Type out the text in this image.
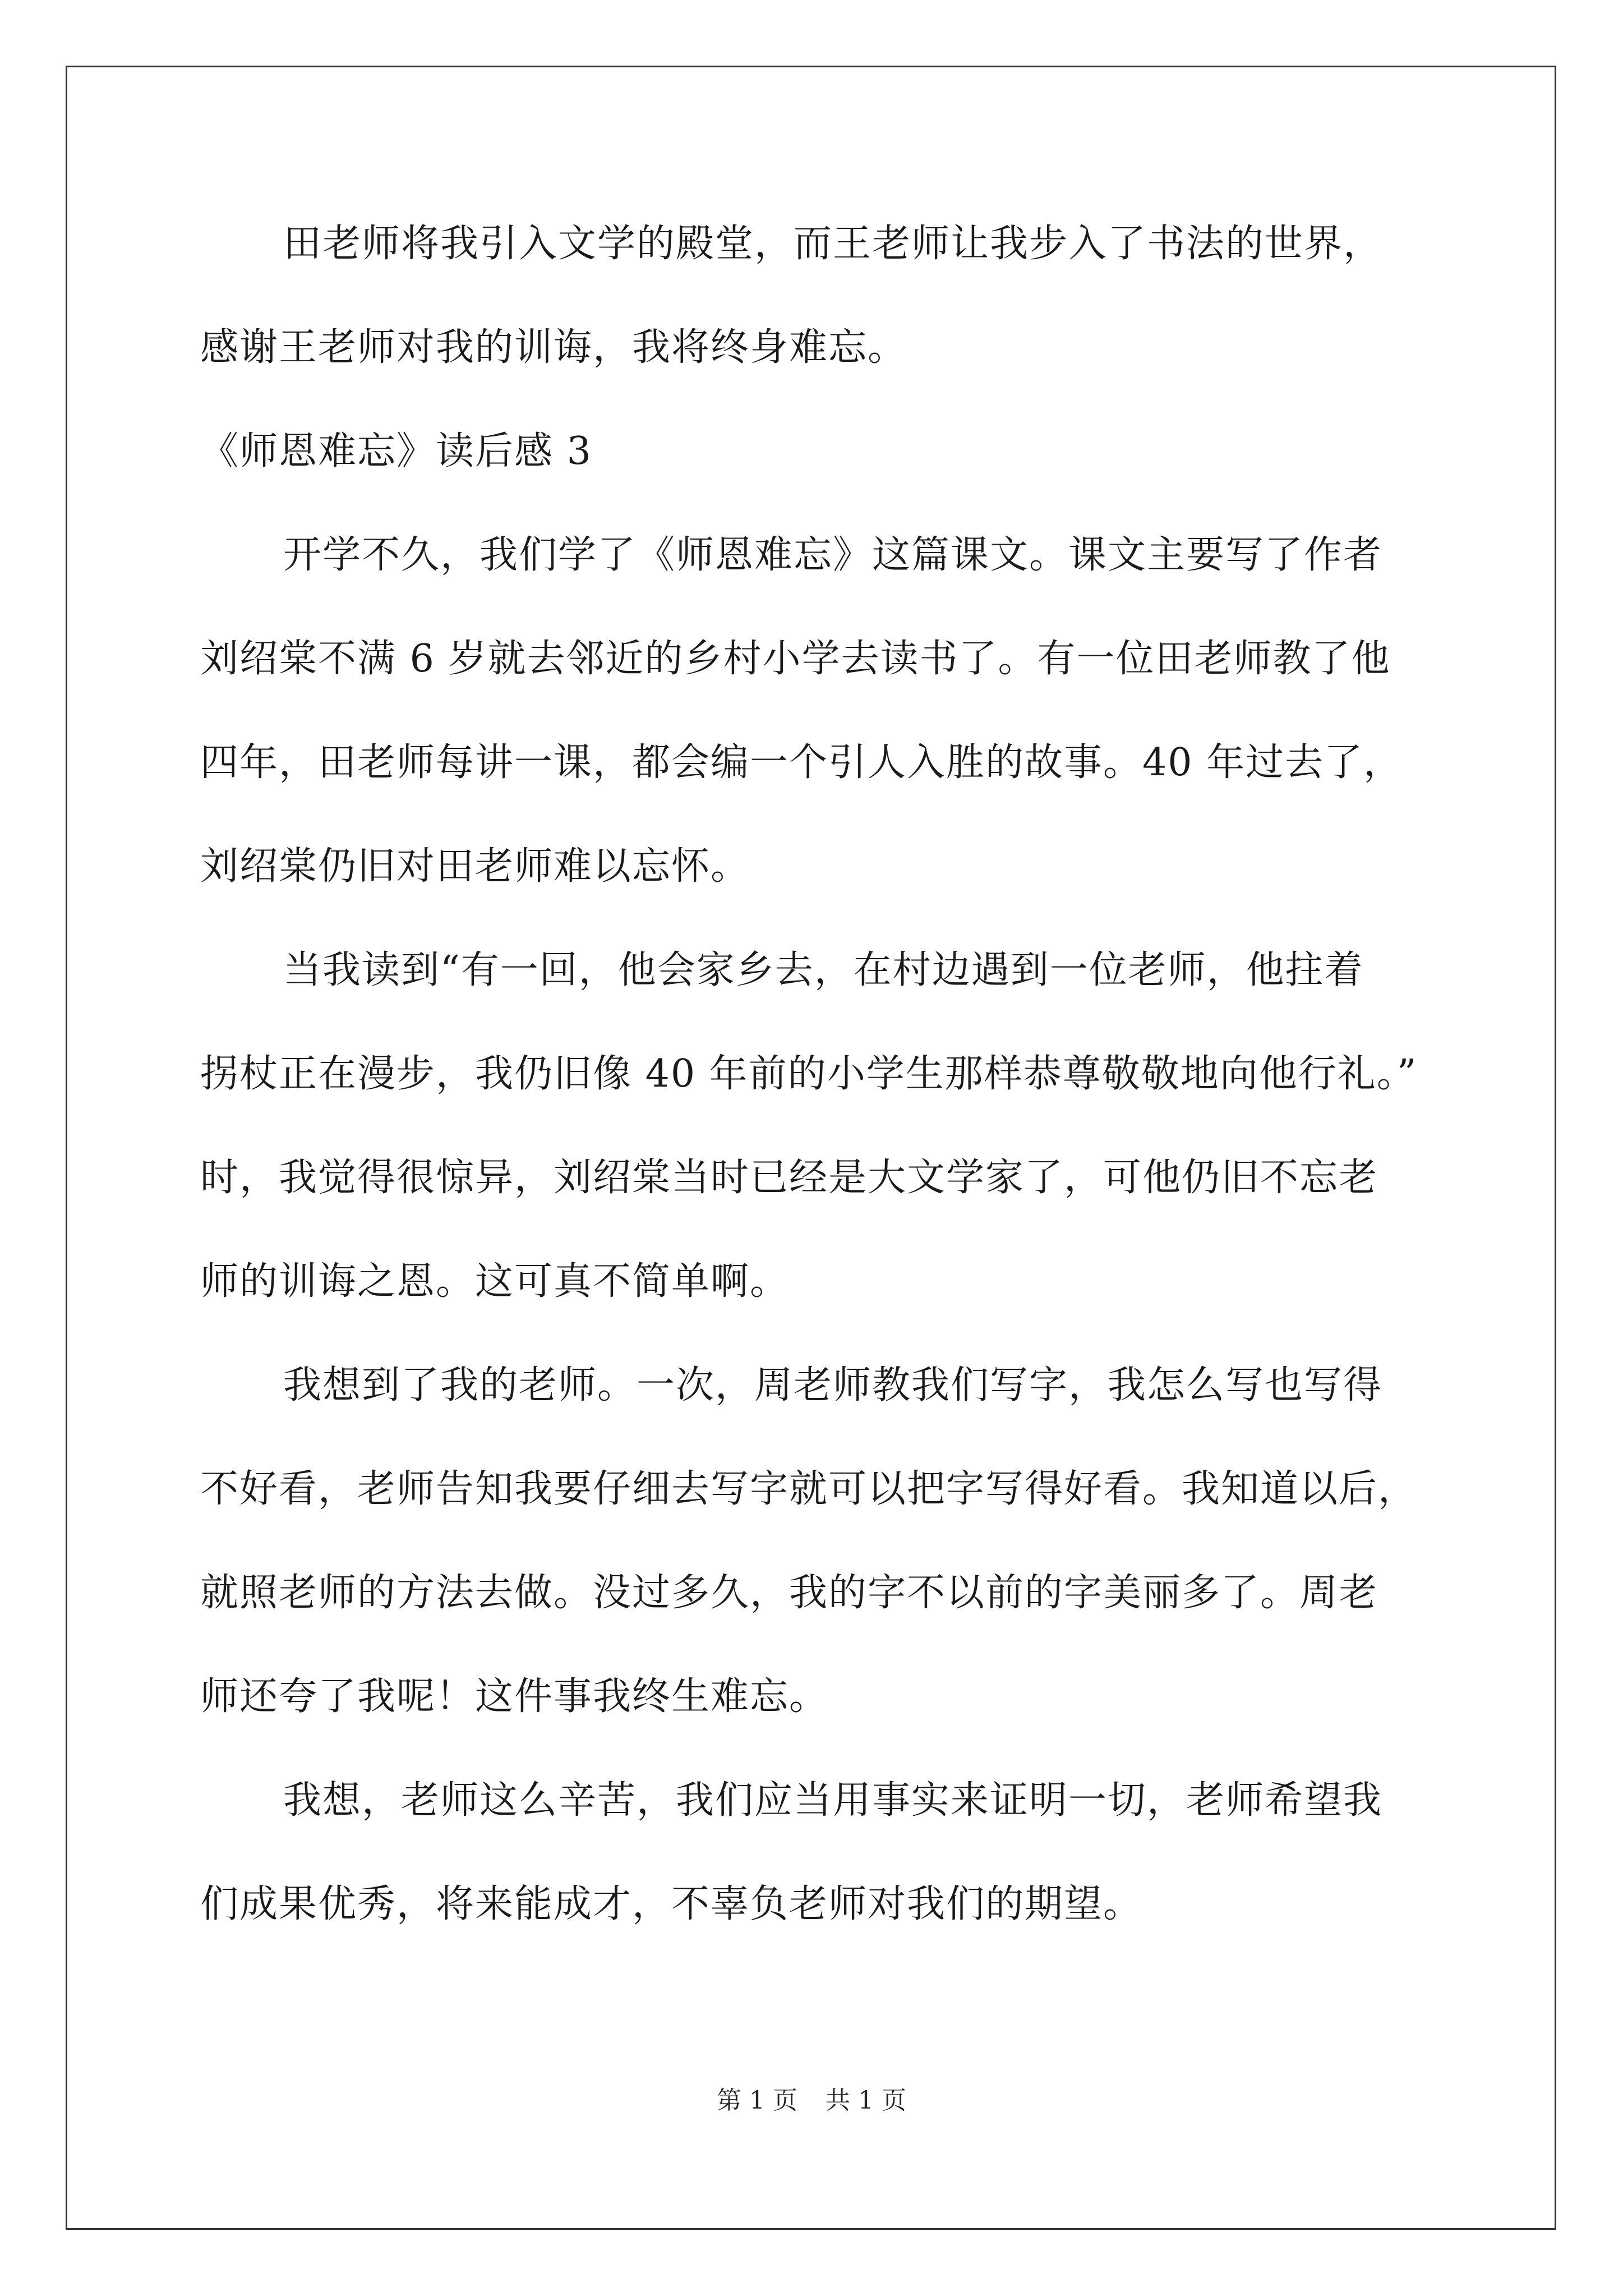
田老师将我引入文学的殿堂，而王老师让我步入了书法的世界，
感谢王老师对我的训诲，我将终身难忘。
《师恩难忘》读后感 3
开学不久，我们学了《师恩难忘》这篇课文。课文主要写了作者
刘绍棠不满 6 岁就去邻近的乡村小学去读书了。有一位田老师教了他
四年，田老师每讲一课，都会编一个引人入胜的故事。40 年过去了，
刘绍棠仍旧对田老师难以忘怀。
当我读到“有一回，他会家乡去，在村边遇到一位老师，他拄着
拐杖正在漫步，我仍旧像 40 年前的小学生那样恭尊敬敬地向他行礼。”
时，我觉得很惊异，刘绍棠当时已经是大文学家了，可他仍旧不忘老
师的训诲之恩。这可真不简单啊。
我想到了我的老师。一次，周老师教我们写字，我怎么写也写得
不好看，老师告知我要仔细去写字就可以把字写得好看。我知道以后，
就照老师的方法去做。没过多久，我的字不以前的字美丽多了。周老
师还夸了我呢！这件事我终生难忘。
我想，老师这么辛苦，我们应当用事实来证明一切，老师希望我
们成果优秀，将来能成才，不辜负老师对我们的期望。
第 1 页 共 1 页
